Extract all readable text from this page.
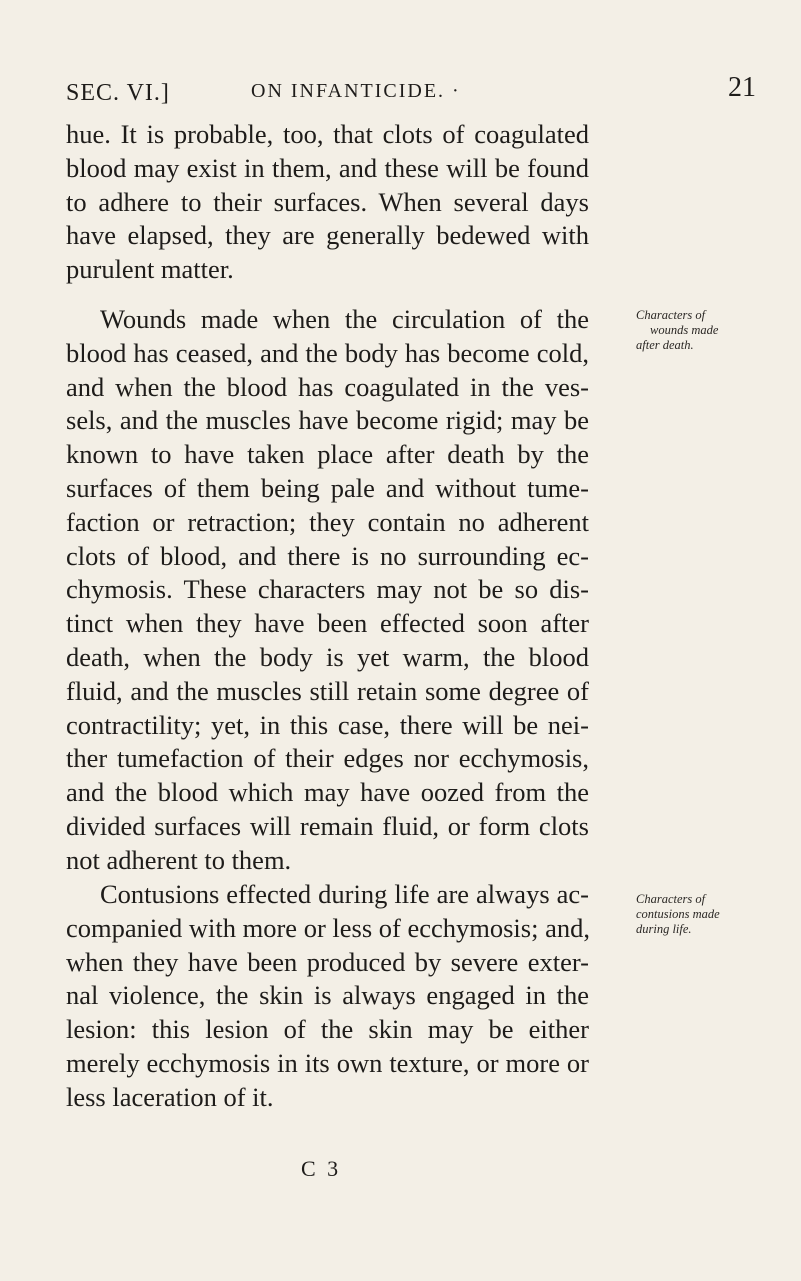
SEC. VI.]	ON INFANTICIDE. ·	21
hue. It is probable, too, that clots of coagulated
blood may exist in them, and these will be found
to adhere to their surfaces. When several days
have elapsed, they are generally bedewed with
purulent matter.
Wounds made when the circulation of the
blood has ceased, and the body has become cold,
and when the blood has coagulated in the ves-
sels, and the muscles have become rigid; may be
known to have taken place after death by the
surfaces of them being pale and without tume-
faction or retraction; they contain no adherent
clots of blood, and there is no surrounding ec-
chymosis. These characters may not be so dis-
tinct when they have been effected soon after
death, when the body is yet warm, the blood
fluid, and the muscles still retain some degree of
contractility; yet, in this case, there will be nei-
ther tumefaction of their edges nor ecchymosis,
and the blood which may have oozed from the
divided surfaces will remain fluid, or form clots
not adherent to them.
Contusions effected during life are always ac-
companied with more or less of ecchymosis; and,
when they have been produced by severe exter-
nal violence, the skin is always engaged in the
lesion: this lesion of the skin may be either
merely ecchymosis in its own texture, or more or
less laceration of it.
Characters of
wounds made
after death.
Characters of
contusions made
during life.
C 3
